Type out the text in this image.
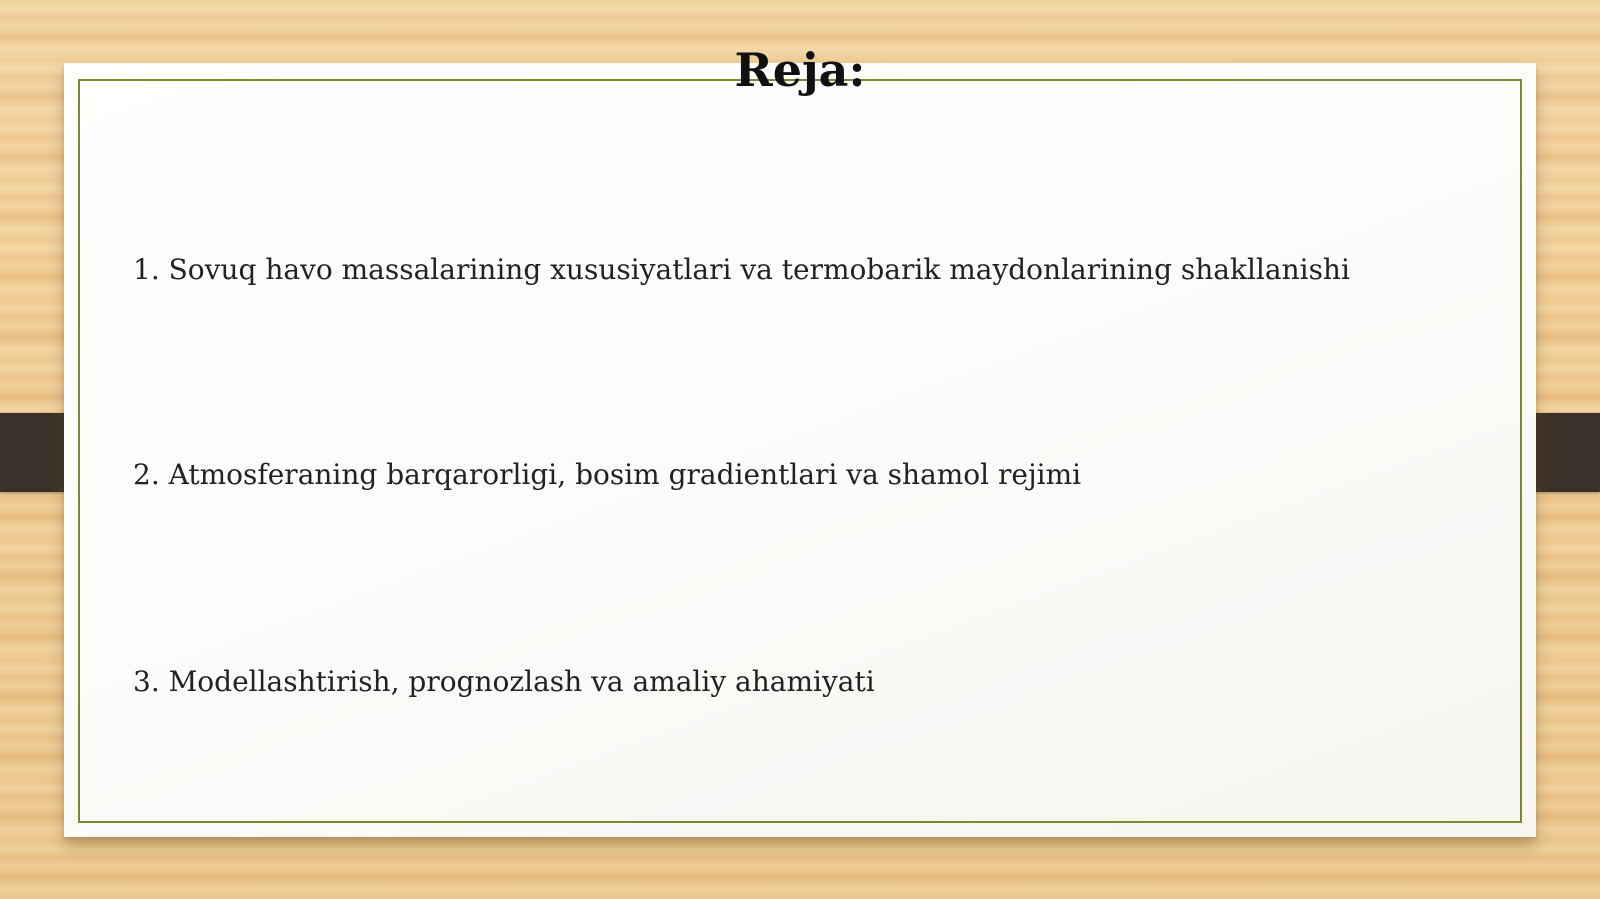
Reja:
1. Sovuq havo massalarining xususiyatlari va termobarik maydonlarining shakllanishi
2. Atmosferaning barqarorligi, bosim gradientlari va shamol rejimi
3. Modellashtirish, prognozlash va amaliy ahamiyati
